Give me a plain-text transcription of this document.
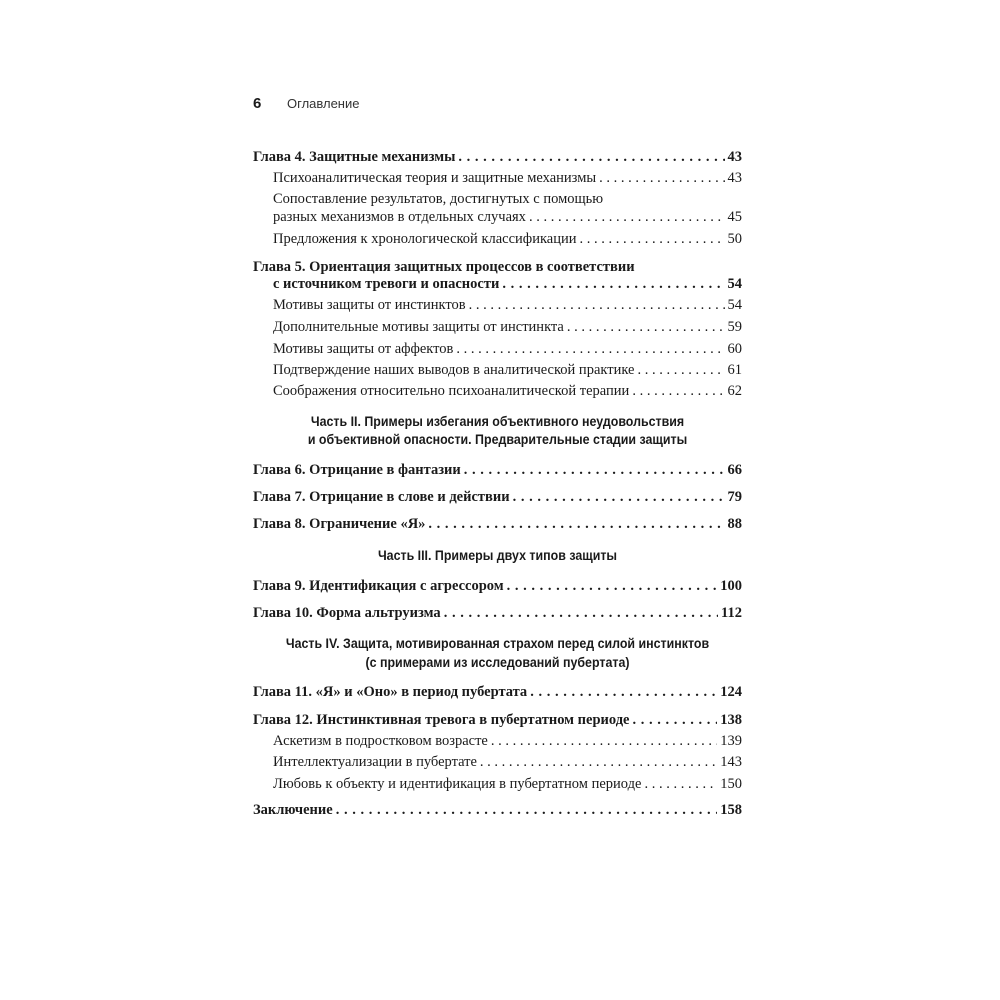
6 Оглавление
Глава 4. Защитные механизмы . . .	43
Психоаналитическая теория и защитные механизмы . . .	43
Сопоставление результатов, достигнутых с помощью
разных механизмов в отдельных случаях . . .	45
Предложения к хронологической классификации . . .	50
Глава 5. Ориентация защитных процессов в соответствии
с источником тревоги и опасности . . .	54
Мотивы защиты от инстинктов . . .	54
Дополнительные мотивы защиты от инстинкта . . .	59
Мотивы защиты от аффектов . . .	60
Подтверждение наших выводов в аналитической практике . . .	61
Соображения относительно психоаналитической терапии . . .	62
Часть II. Примеры избегания объективного неудовольствия
и объективной опасности. Предварительные стадии защиты
Глава 6. Отрицание в фантазии . . .	66
Глава 7. Отрицание в слове и действии . . .	79
Глава 8. Ограничение «Я» . . .	88
Часть III. Примеры двух типов защиты
Глава 9. Идентификация с агрессором . . .	100
Глава 10. Форма альтруизма . . .	112
Часть IV. Защита, мотивированная страхом перед силой инстинктов
(с примерами из исследований пубертата)
Глава 11. «Я» и «Оно» в период пубертата . . .	124
Глава 12. Инстинктивная тревога в пубертатном периоде . . .	138
Аскетизм в подростковом возрасте . . .	139
Интеллектуализации в пубертате . . .	143
Любовь к объекту и идентификация в пубертатном периоде . . .	150
Заключение . . .	158
